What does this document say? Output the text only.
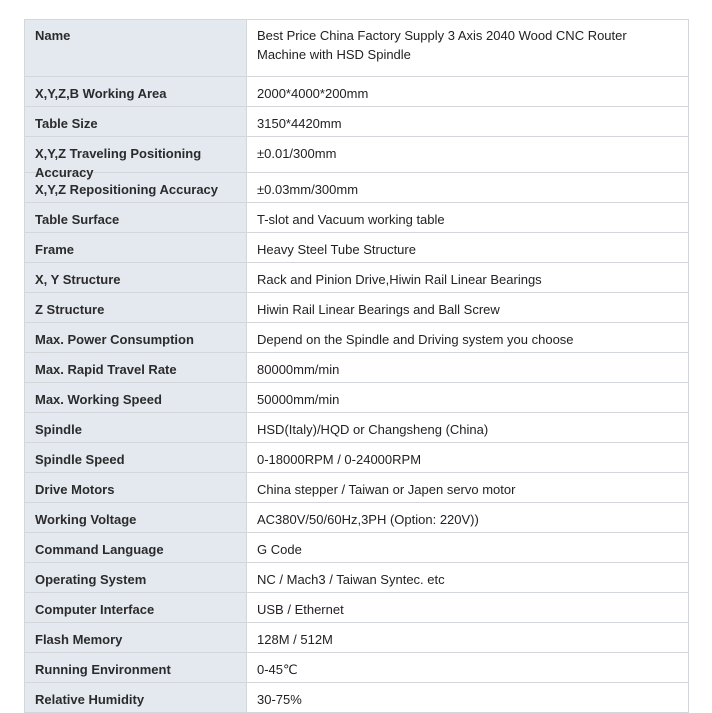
Name	Best Price China Factory Supply 3 Axis 2040 Wood CNC Router Machine with HSD Spindle

X,Y,Z,B Working Area	2000*4000*200mm

Table Size	3150*4420mm

X,Y,Z Traveling Positioning Accuracy	±0.01/300mm

X,Y,Z Repositioning Accuracy	±0.03mm/300mm

Table Surface	T-slot and Vacuum working table

Frame	Heavy Steel Tube Structure

X, Y Structure	Rack and Pinion Drive,Hiwin Rail Linear Bearings

Z Structure	Hiwin Rail Linear Bearings and Ball Screw

Max. Power Consumption	Depend on the Spindle and Driving system you choose

Max. Rapid Travel Rate	80000mm/min

Max. Working Speed	50000mm/min

Spindle	HSD(Italy)/HQD or Changsheng (China)

Spindle Speed	0-18000RPM / 0-24000RPM

Drive Motors	China stepper / Taiwan or Japen servo motor

Working Voltage	AC380V/50/60Hz,3PH (Option: 220V))

Command Language	G Code

Operating System	NC / Mach3 / Taiwan Syntec. etc

Computer Interface	USB / Ethernet

Flash Memory	128M / 512M

Running Environment	0-45℃

Relative Humidity	30-75%
